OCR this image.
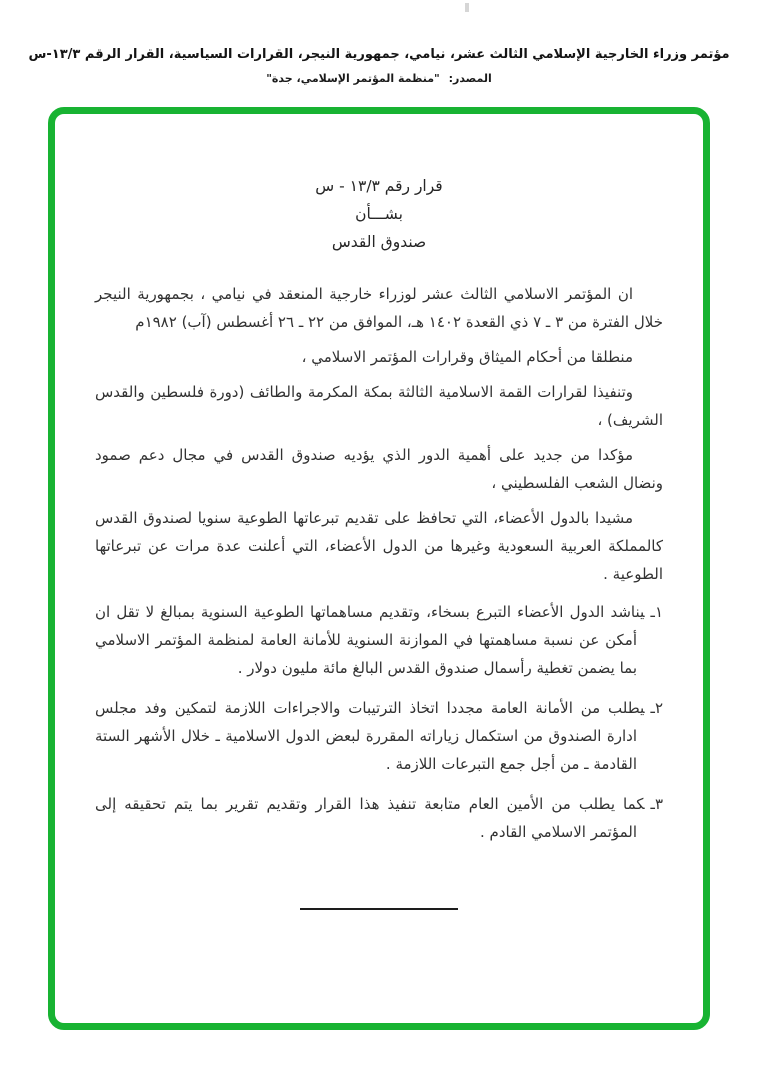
مؤتمر وزراء الخارجية الإسلامي الثالث عشر، نيامي، جمهورية النيجر، القرارات السياسية، القرار الرقم ١٣/٣-س
المصدر: "منظمة المؤتمر الإسلامي، جدة"
قرار رقم ١٣/٣ - س
بشـــأن
صندوق القدس

ان المؤتمر الاسلامي الثالث عشر لوزراء خارجية المنعقد في نيامي ، بجمهورية النيجر خلال الفترة من ٣ ـ ٧ ذي القعدة ١٤٠٢ هـ، الموافق من ٢٢ ـ ٢٦ أغسطس (آب) ١٩٨٢م

منطلقا من أحكام الميثاق وقرارات المؤتمر الاسلامي ،

وتنفيذا لقرارات القمة الاسلامية الثالثة بمكة المكرمة والطائف (دورة فلسطين والقدس الشريف) ،

مؤكدا من جديد على أهمية الدور الذي يؤديه صندوق القدس في مجال دعم صمود ونضال الشعب الفلسطيني ،

مشيدا بالدول الأعضاء، التي تحافظ على تقديم تبرعاتها الطوعية سنويا لصندوق القدس كالمملكة العربية السعودية وغيرها من الدول الأعضاء، التي أعلنت عدة مرات عن تبرعاتها الطوعية .

١ـيناشد الدول الأعضاء التبرع بسخاء، وتقديم مساهماتها الطوعية السنوية بمبالغ لا تقل ان أمكن عن نسبة مساهمتها في الموازنة السنوية للأمانة العامة لمنظمة المؤتمر الاسلامي بما يضمن تغطية رأسمال صندوق القدس البالغ مائة مليون دولار .

٢ـيطلب من الأمانة العامة مجددا اتخاذ الترتيبات والاجراءات اللازمة لتمكين وفد مجلس ادارة الصندوق من استكمال زياراته المقررة لبعض الدول الاسلامية ـ خلال الأشهر الستة القادمة ـ من أجل جمع التبرعات اللازمة .

٣ـكما يطلب من الأمين العام متابعة تنفيذ هذا القرار وتقديم تقرير بما يتم تحقيقه إلى المؤتمر الاسلامي القادم .
